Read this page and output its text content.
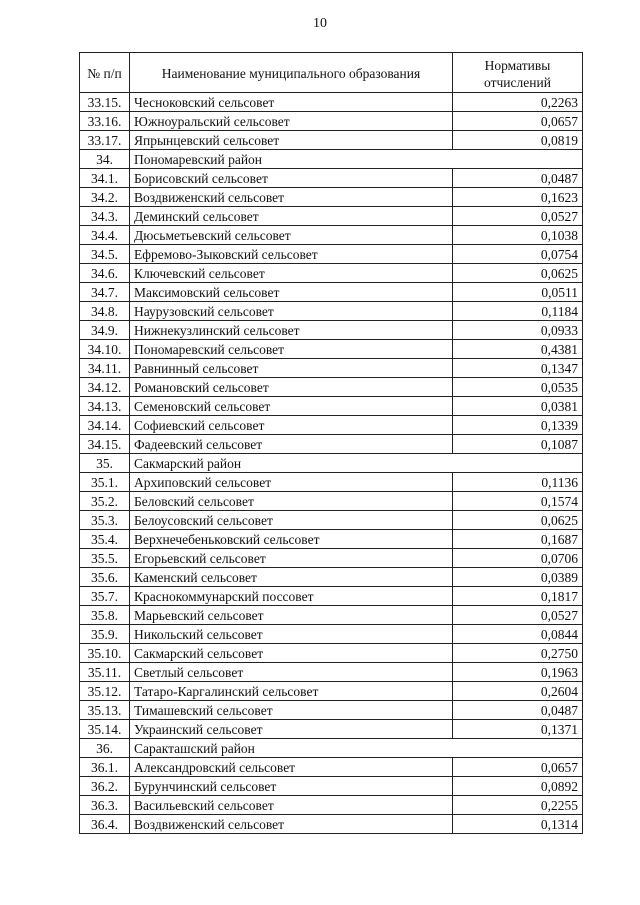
10
№ п/п	Наименование муниципального образования	Нормативы отчислений
33.15.	Чесноковский сельсовет	0,2263
33.16.	Южноуральский сельсовет	0,0657
33.17.	Япрынцевский сельсовет	0,0819
34.	Пономаревский район	
34.1.	Борисовский сельсовет	0,0487
34.2.	Воздвиженский сельсовет	0,1623
34.3.	Деминский сельсовет	0,0527
34.4.	Дюсьметьевский сельсовет	0,1038
34.5.	Ефремово-Зыковский сельсовет	0,0754
34.6.	Ключевский сельсовет	0,0625
34.7.	Максимовский сельсовет	0,0511
34.8.	Наурузовский сельсовет	0,1184
34.9.	Нижнекузлинский сельсовет	0,0933
34.10.	Пономаревский сельсовет	0,4381
34.11.	Равнинный сельсовет	0,1347
34.12.	Романовский сельсовет	0,0535
34.13.	Семеновский сельсовет	0,0381
34.14.	Софиевский сельсовет	0,1339
34.15.	Фадеевский сельсовет	0,1087
35.	Сакмарский район	
35.1.	Архиповский сельсовет	0,1136
35.2.	Беловский сельсовет	0,1574
35.3.	Белоусовский сельсовет	0,0625
35.4.	Верхнечебеньковский сельсовет	0,1687
35.5.	Егорьевский сельсовет	0,0706
35.6.	Каменский сельсовет	0,0389
35.7.	Краснокоммунарский поссовет	0,1817
35.8.	Марьевский сельсовет	0,0527
35.9.	Никольский сельсовет	0,0844
35.10.	Сакмарский сельсовет	0,2750
35.11.	Светлый сельсовет	0,1963
35.12.	Татаро-Каргалинский сельсовет	0,2604
35.13.	Тимашевский сельсовет	0,0487
35.14.	Украинский сельсовет	0,1371
36.	Саракташский район	
36.1.	Александровский сельсовет	0,0657
36.2.	Бурунчинский сельсовет	0,0892
36.3.	Васильевский сельсовет	0,2255
36.4.	Воздвиженский сельсовет	0,1314
